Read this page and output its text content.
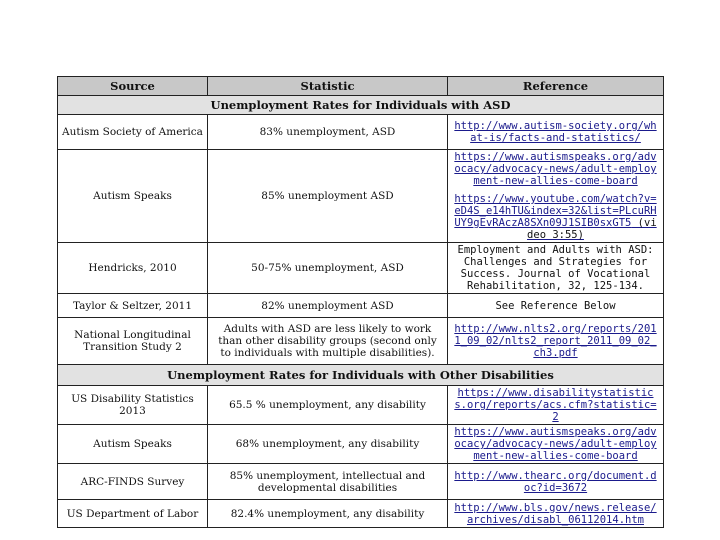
Source	Statistic	Reference
Unemployment Rates for Individuals with ASD		
Autism Society of America	83% unemployment, ASD	http://www.autism-society.org/what-is/facts-and-statistics/

Autism Speaks	85% unemployment ASD	https://www.autismspeaks.org/advocacy/advocacy-news/adult-employment-new-allies-come-board
https://www.youtube.com/watch?v=eD4S_e14hTU&index=32&list=PLcuRHUY9gEvRAczA8SXn09J1SIB0sxGT5 (video 3:55)

Hendricks, 2010	50-75% unemployment, ASD	Employment and Adults with ASD: Challenges and Strategies for Success. Journal of Vocational Rehabilitation, 32, 125-134.

Taylor & Seltzer, 2011	82% unemployment ASD	See Reference Below

National Longitudinal Transition Study 2	Adults with ASD are less likely to work than other disability groups (second only to individuals with multiple disabilities).	http://www.nlts2.org/reports/2011_09_02/nlts2_report_2011_09_02_ch3.pdf

Unemployment Rates for Individuals with Other Disabilities		
US Disability Statistics 2013	65.5 % unemployment, any disability	https://www.disabilitystatistics.org/reports/acs.cfm?statistic=2

Autism Speaks	68% unemployment, any disability	https://www.autismspeaks.org/advocacy/advocacy-news/adult-employment-new-allies-come-board

ARC-FINDS Survey	85% unemployment, intellectual and developmental disabilities	http://www.thearc.org/document.doc?id=3672

US Department of Labor	82.4% unemployment, any disability	http://www.bls.gov/news.release/archives/disabl_06112014.htm
